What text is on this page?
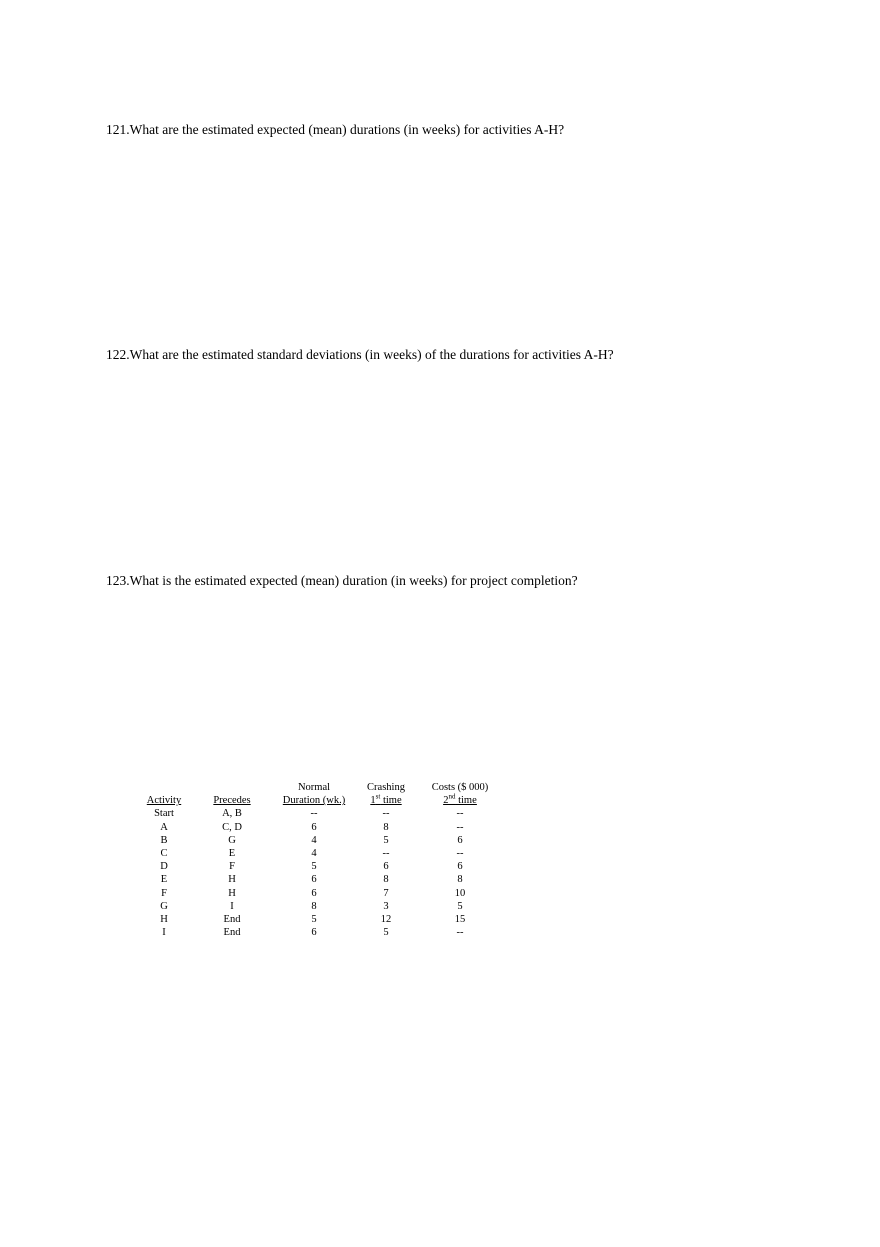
121.What are the estimated expected (mean) durations (in weeks) for activities A-H?

122.What are the estimated standard deviations (in weeks) of the durations for activities A-H?

123.What is the estimated expected (mean) duration (in weeks) for project completion?

		Normal	Crashing	Costs ($ 000)
Activity	Precedes	Duration (wk.)	1st time	2nd time
Start	A, B	--	--	--
A	C, D	6	8	--
B	G	4	5	6
C	E	4	--	--
D	F	5	6	6
E	H	6	8	8
F	H	6	7	10
G	I	8	3	5
H	End	5	12	15
I	End	6	5	--
